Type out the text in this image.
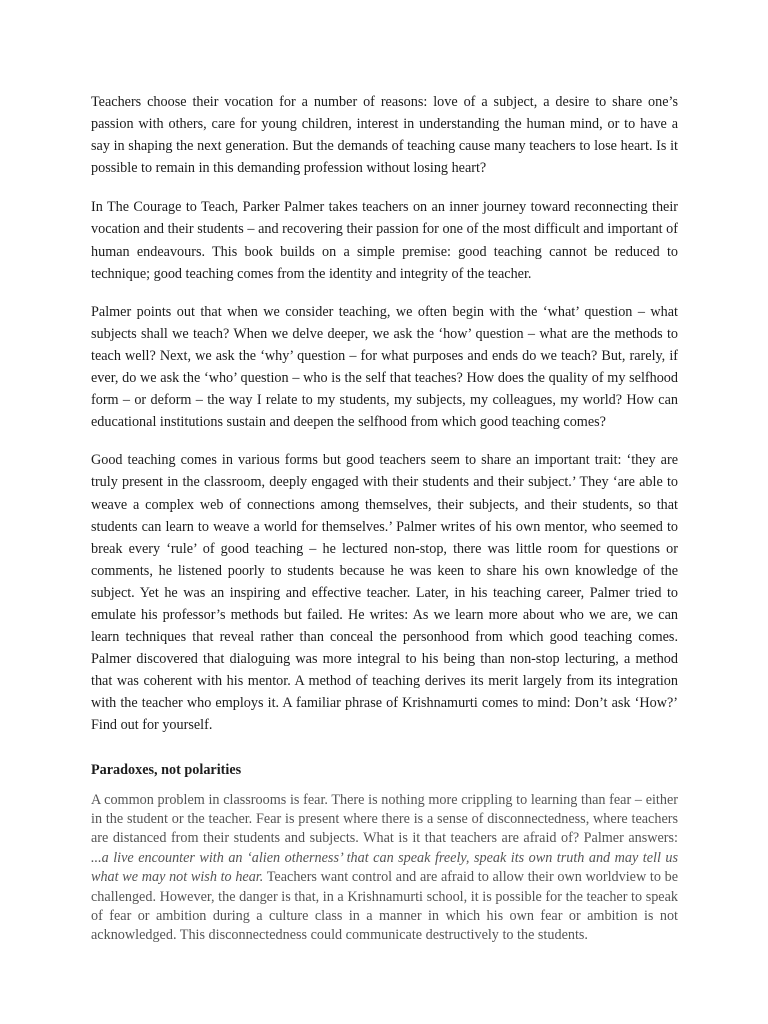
Teachers choose their vocation for a number of reasons: love of a subject, a desire to share one’s passion with others, care for young children, interest in understanding the human mind, or to have a say in shaping the next generation. But the demands of teaching cause many teachers to lose heart. Is it possible to remain in this demanding profession without losing heart?

In The Courage to Teach, Parker Palmer takes teachers on an inner journey toward reconnecting their vocation and their students – and recovering their passion for one of the most difficult and important of human endeavours. This book builds on a simple premise: good teaching cannot be reduced to technique; good teaching comes from the identity and integrity of the teacher.

Palmer points out that when we consider teaching, we often begin with the ‘what’ question – what subjects shall we teach? When we delve deeper, we ask the ‘how’ question – what are the methods to teach well? Next, we ask the ‘why’ question – for what purposes and ends do we teach? But, rarely, if ever, do we ask the ‘who’ question – who is the self that teaches? How does the quality of my selfhood form – or deform – the way I relate to my students, my subjects, my colleagues, my world? How can educational institutions sustain and deepen the selfhood from which good teaching comes?

Good teaching comes in various forms but good teachers seem to share an important trait: ‘they are truly present in the classroom, deeply engaged with their students and their subject.’ They ‘are able to weave a complex web of connections among themselves, their subjects, and their students, so that students can learn to weave a world for themselves.’ Palmer writes of his own mentor, who seemed to break every ‘rule’ of good teaching – he lectured non-stop, there was little room for questions or comments, he listened poorly to students because he was keen to share his own knowledge of the subject. Yet he was an inspiring and effective teacher. Later, in his teaching career, Palmer tried to emulate his professor’s methods but failed. He writes: As we learn more about who we are, we can learn techniques that reveal rather than conceal the personhood from which good teaching comes. Palmer discovered that dialoguing was more integral to his being than non-stop lecturing, a method that was coherent with his mentor. A method of teaching derives its merit largely from its integration with the teacher who employs it. A familiar phrase of Krishnamurti comes to mind: Don’t ask ‘How?’ Find out for yourself.

Paradoxes, not polarities

A common problem in classrooms is fear. There is nothing more crippling to learning than fear – either in the student or the teacher. Fear is present where there is a sense of disconnectedness, where teachers are distanced from their students and subjects. What is it that teachers are afraid of? Palmer answers: ...a live encounter with an ‘alien otherness’ that can speak freely, speak its own truth and may tell us what we may not wish to hear. Teachers want control and are afraid to allow their own worldview to be challenged. However, the danger is that, in a Krishnamurti school, it is possible for the teacher to speak of fear or ambition during a culture class in a manner in which his own fear or ambition is not acknowledged. This disconnectedness could communicate destructively to the students.
